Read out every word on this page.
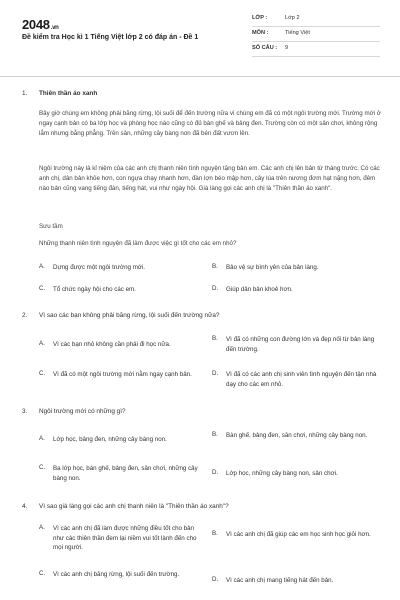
2048.vn
Đề kiểm tra Học kì 1 Tiếng Việt lớp 2 có đáp án - Đề 1
LỚP :	Lớp 2
MÔN :	Tiếng Việt
SỐ CÂU :	9
1. Thiên thần áo xanh
Bây giờ chúng em không phải băng rừng, lội suối để đến trường nữa vì chúng em đã có một ngôi trường mới. Trường mới ở ngay cạnh bản có ba lớp học và phòng học nào cũng có đủ bàn ghế và bảng đen. Trường còn có một sân chơi, không rộng lắm nhưng bằng phẳng. Trên sân, những cây bàng non đã bén đất vươn lên.
Ngôi trường này là kỉ niệm của các anh chị thanh niên tình nguyện tặng bản em. Các anh chị lên bản từ tháng trước. Có các anh chị, dân bản khỏe hơn, con ngựa chạy nhanh hơn, đàn lợn béo mập hơn, cây lúa trên nương đơm hạt nặng hơn, đêm nào bản cũng vang tiếng đàn, tiếng hát, vui như ngày hội. Già làng gọi các anh chị là "Thiên thần áo xanh".
Sưu tầm
Những thanh niên tình nguyện đã làm được việc gì tốt cho các em nhỏ?
A.	Dựng được một ngôi trường mới.	B.	Bảo vệ sự bình yên của bản làng.
C.	Tổ chức ngày hội cho các em.	D.	Giúp dân bản khoẻ hơn.
2. Vì sao các bạn không phải băng rừng, lội suối đến trường nữa?
A.	Vì các bạn nhỏ không cần phải đi học nữa.
B.	Vì đã có những con đường lớn và đẹp nối từ bản làng đến trường.
C.	Vì đã có một ngôi trường mới nằm ngay cạnh bản.	D.	Vì đã có các anh chị sinh viên tình nguyện đến tận nhà dạy cho các em nhỏ.
3. Ngôi trường mới có những gì?
A.	Lớp học, bảng đen, những cây bàng non.
B.	Bàn ghế, bảng đen, sân chơi, những cây bàng non.
C.	Ba lớp học, bàn ghế, bảng đen, sân chơi, những cây bàng non.
D.	Lớp học, những cây bàng non, sân chơi.
4. Vì sao già làng gọi các anh chị thanh niên là "Thiên thần áo xanh"?
A.	Vì các anh chị đã làm được những điều tốt cho bản như các thiên thần đem lại niềm vui tốt lành đến cho mọi người.
B.	Vì các anh chị đã giúp các em học sinh học giỏi hơn.
C.	Vì các anh chị băng rừng, lội suối đến trường.
D.	Vì các anh chị mang tiếng hát đến bản.
